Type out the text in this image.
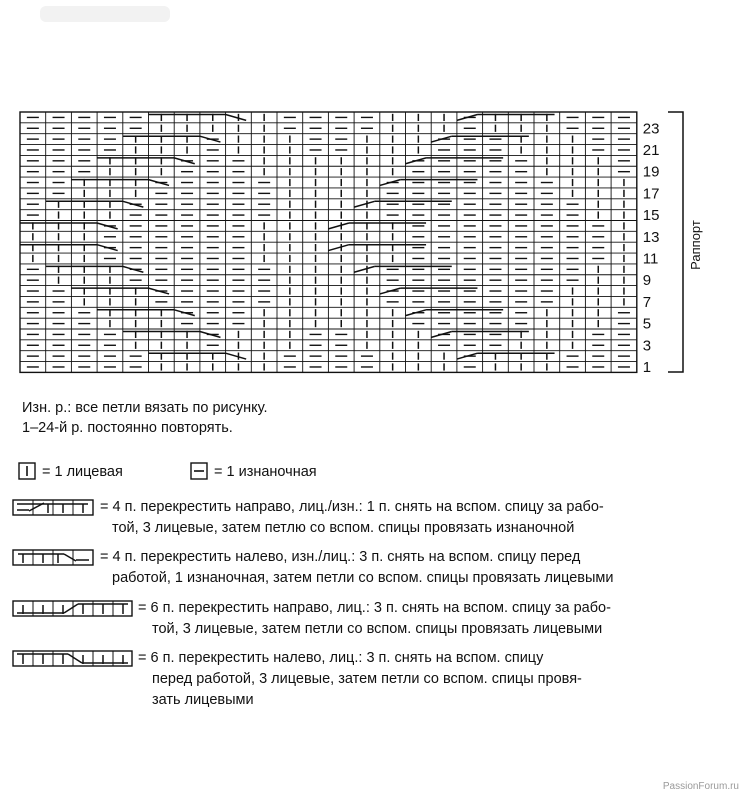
23
21
19
17
15
13
11
9
7
5
3
1
Раппорт
Изн. р.: все петли вязать по рисунку.
1–24-й р. постоянно повторять.
= 1 лицевая	= 1 изнаночная
= 4 п. перекрестить направо, лиц./изн.: 1 п. снять на вспом. спицу за рабо-
той, 3 лицевые, затем петлю со вспом. спицы провязать изнаночной
= 4 п. перекрестить налево, изн./лиц.: 3 п. снять на вспом. спицу перед
работой, 1 изнаночная, затем петли со вспом. спицы провязать лицевыми
= 6 п. перекрестить направо, лиц.: 3 п. снять на вспом. спицу за рабо-
той, 3 лицевые, затем петли со вспом. спицы провязать лицевыми
= 6 п. перекрестить налево, лиц.: 3 п. снять на вспом. спицу
перед работой, 3 лицевые, затем петли со вспом. спицы провя-
зать лицевыми
PassionForum.ru
